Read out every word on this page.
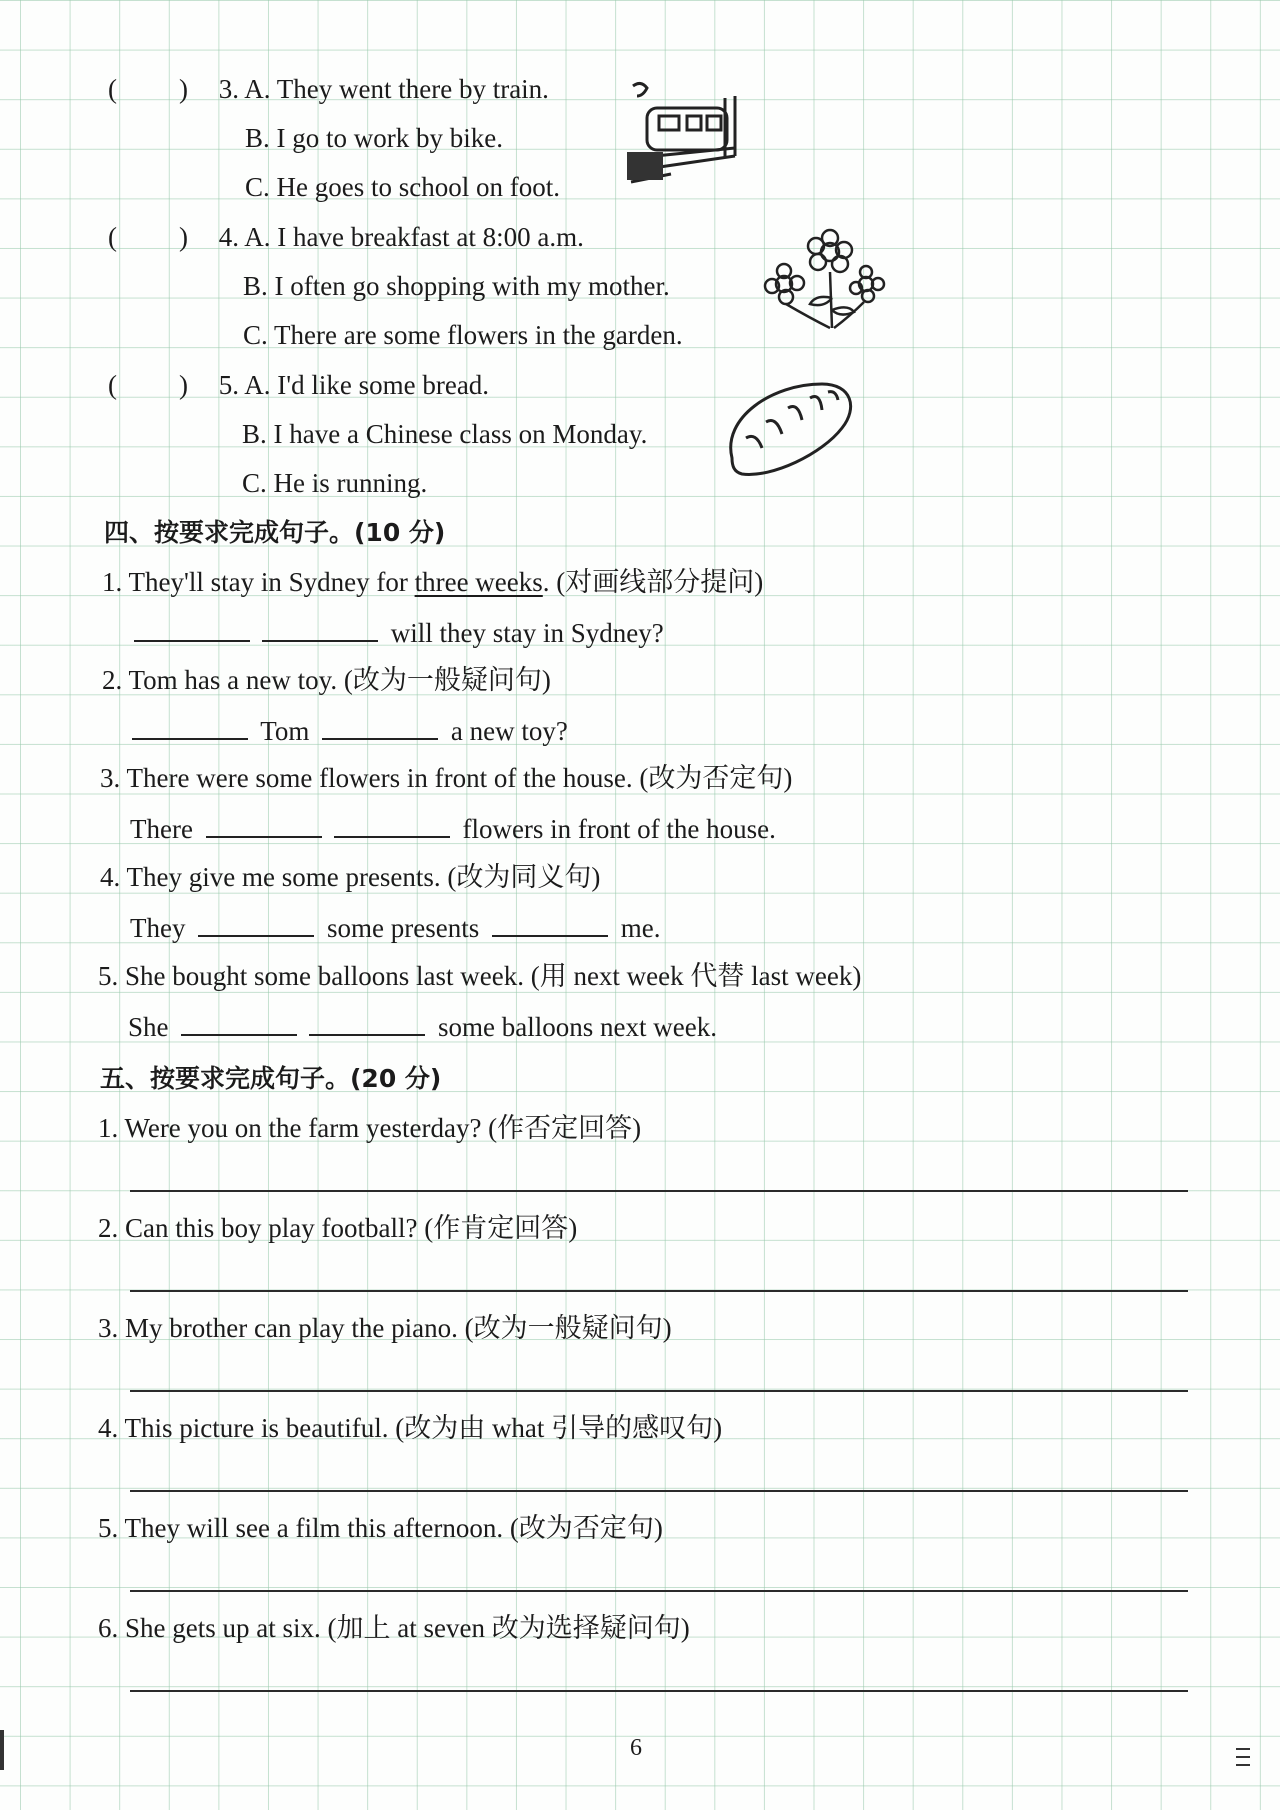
( ) 3. A. They went there by train.
B. I go to work by bike.
C. He goes to school on foot.
( ) 4. A. I have breakfast at 8:00 a.m.
B. I often go shopping with my mother.
C. There are some flowers in the garden.
( ) 5. A. I'd like some bread.
B. I have a Chinese class on Monday.
C. He is running.
四、按要求完成句子。(10 分)
1. They'll stay in Sydney for three weeks. (对画线部分提问)
will they stay in Sydney?
2. Tom has a new toy. (改为一般疑问句)
Tom	a new toy?
3. There were some flowers in front of the house. (改为否定句)
There	flowers in front of the house.
4. They give me some presents. (改为同义句)
They	some presents	me.
5. She bought some balloons last week. (用 next week 代替 last week)
She	some balloons next week.
五、按要求完成句子。(20 分)
1. Were you on the farm yesterday? (作否定回答)
2. Can this boy play football? (作肯定回答)
3. My brother can play the piano. (改为一般疑问句)
4. This picture is beautiful. (改为由 what 引导的感叹句)
5. They will see a film this afternoon. (改为否定句)
6. She gets up at six. (加上 at seven 改为选择疑问句)
6
